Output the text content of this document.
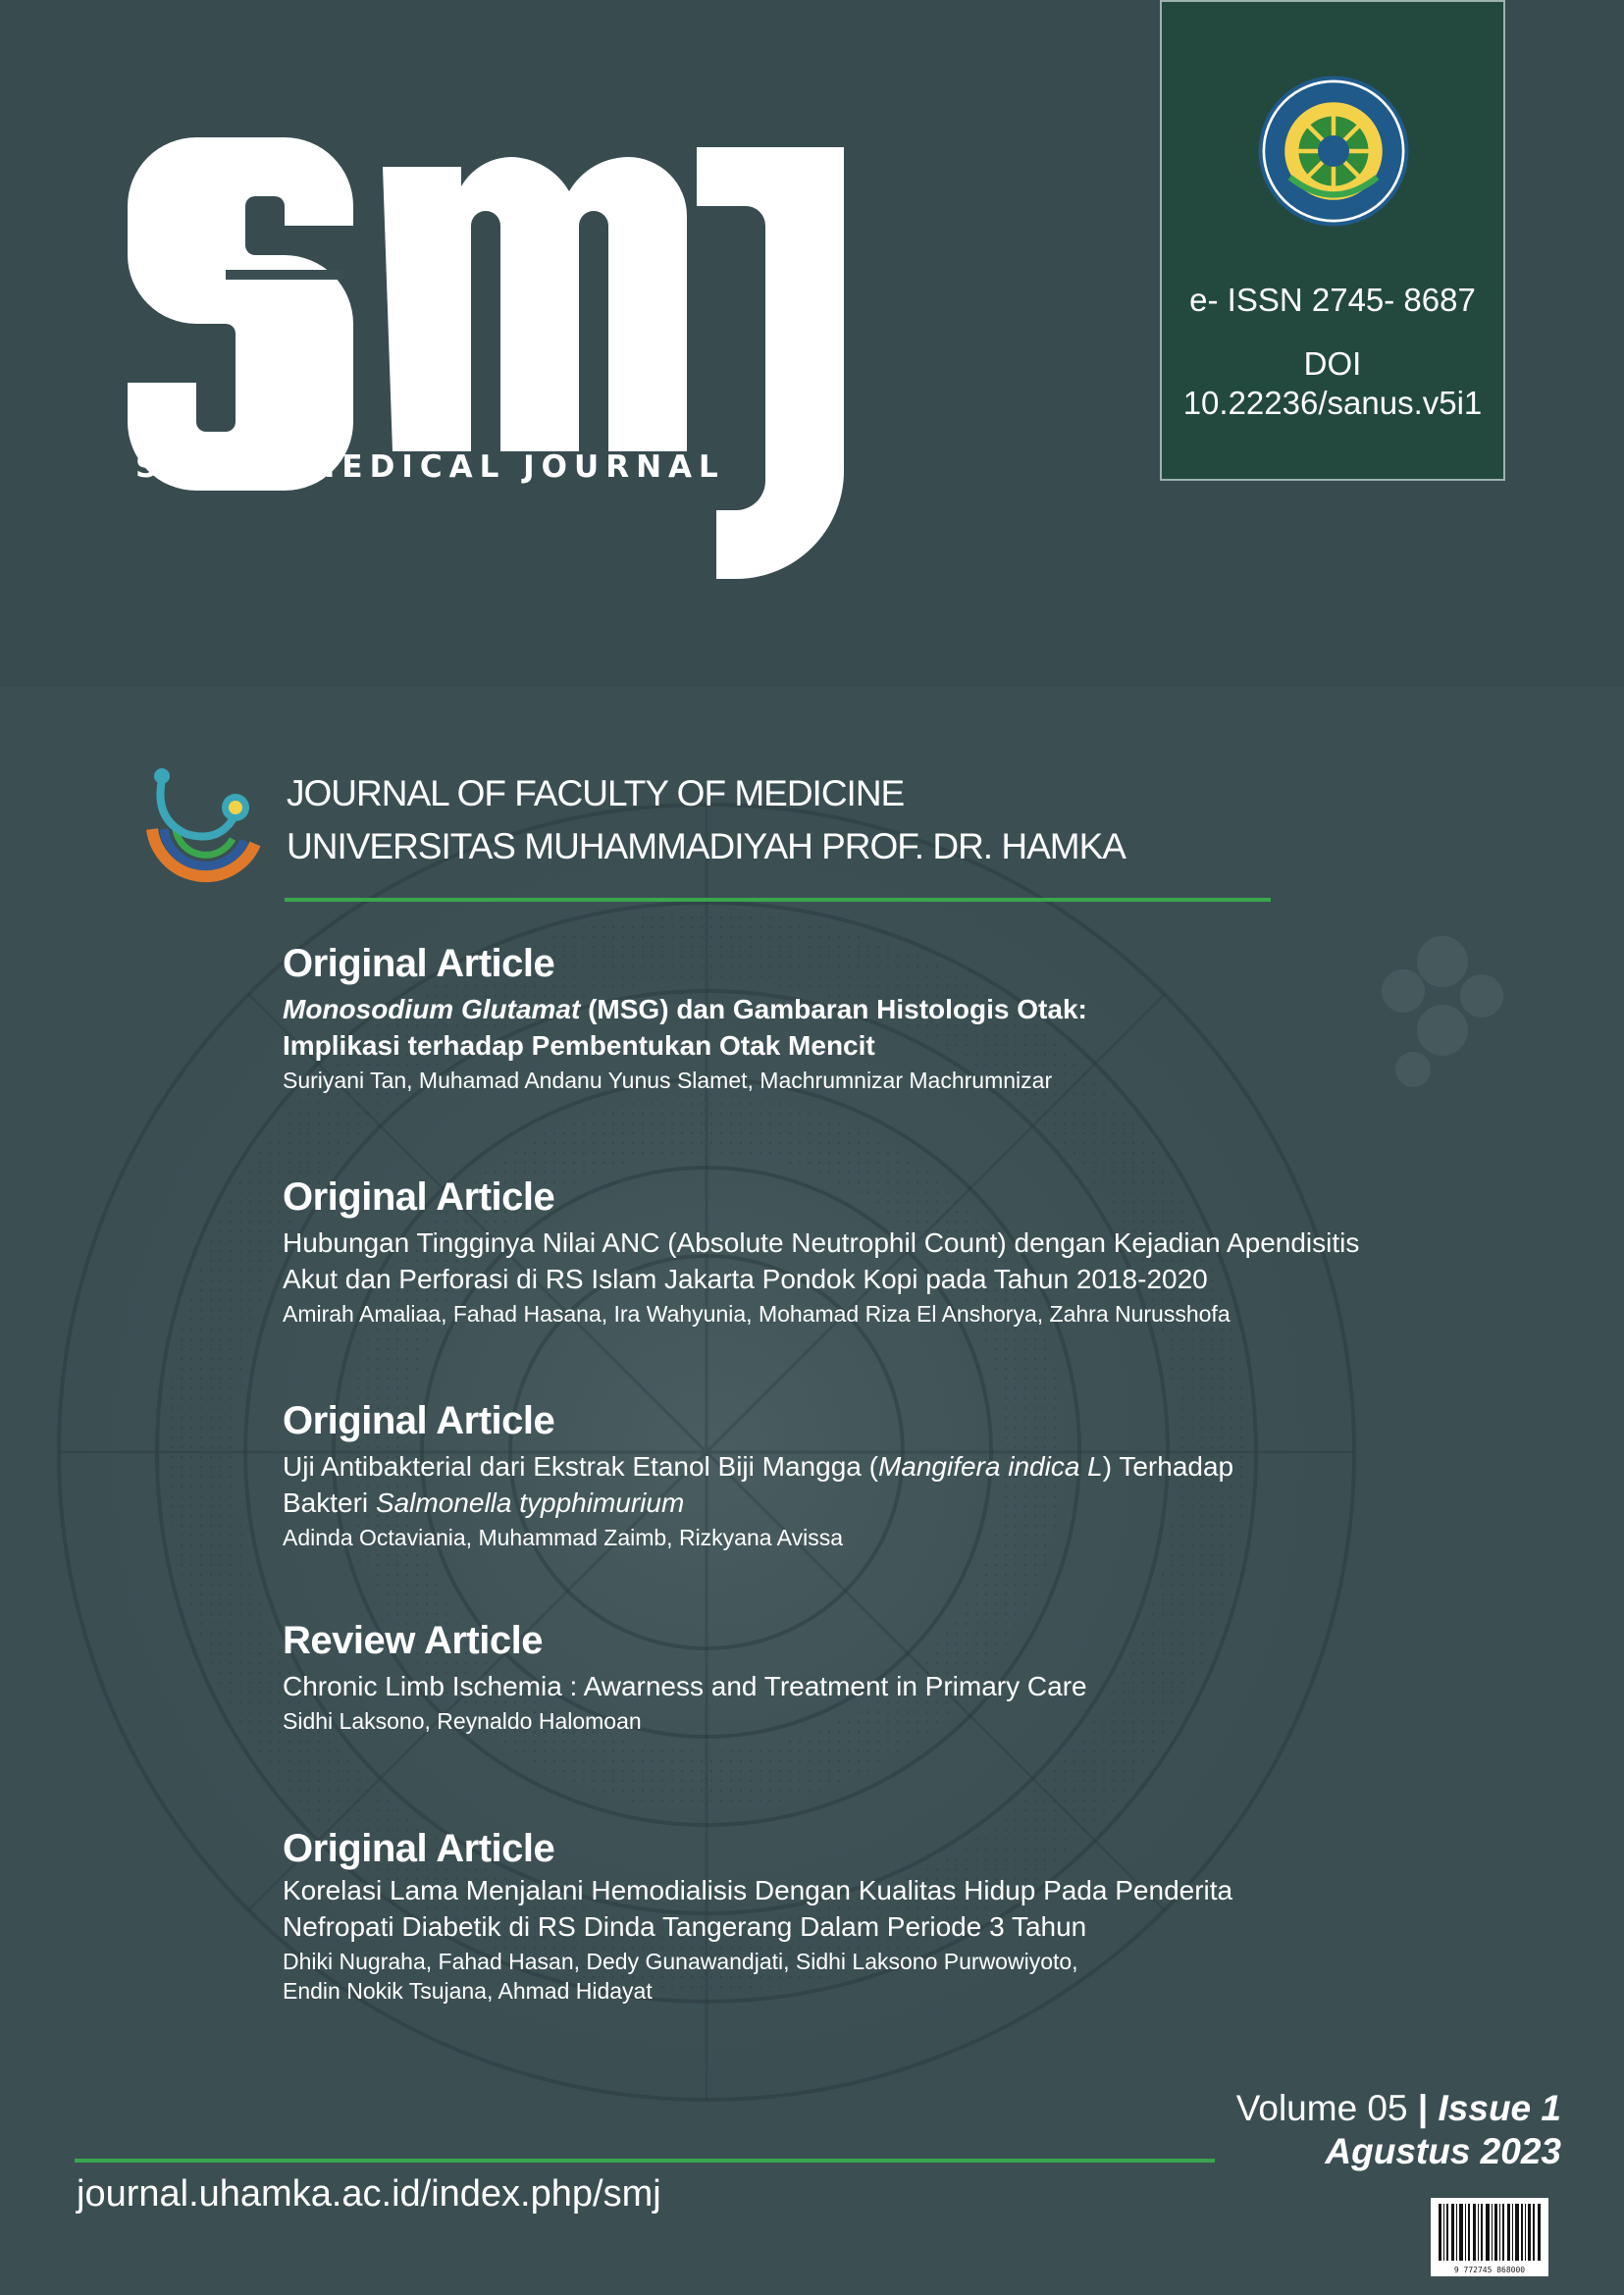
SANUS MEDICAL JOURNAL
e- ISSN 2745- 8687
DOI
10.22236/sanus.v5i1
JOURNAL OF FACULTY OF MEDICINE
UNIVERSITAS MUHAMMADIYAH PROF. DR. HAMKA

Original Article

Monosodium Glutamat (MSG) dan Gambaran Histologis Otak:
Implikasi terhadap Pembentukan Otak Mencit

Suriyani Tan, Muhamad Andanu Yunus Slamet, Machrumnizar Machrumnizar

Original Article

Hubungan Tingginya Nilai ANC (Absolute Neutrophil Count) dengan Kejadian Apendisitis
Akut dan Perforasi di RS Islam Jakarta Pondok Kopi pada Tahun 2018-2020

Amirah Amaliaa, Fahad Hasana, Ira Wahyunia, Mohamad Riza El Anshorya, Zahra Nurusshofa

Original Article

Uji Antibakterial dari Ekstrak Etanol Biji Mangga (Mangifera indica L) Terhadap
Bakteri Salmonella typphimurium

Adinda Octaviania, Muhammad Zaimb, Rizkyana Avissa

Review Article

Chronic Limb Ischemia : Awarness and Treatment in Primary Care

Sidhi Laksono, Reynaldo Halomoan

Original Article

Korelasi Lama Menjalani Hemodialisis Dengan Kualitas Hidup Pada Penderita
Nefropati Diabetik di RS Dinda Tangerang Dalam Periode 3 Tahun

Dhiki Nugraha, Fahad Hasan, Dedy Gunawandjati, Sidhi Laksono Purwowiyoto,
Endin Nokik Tsujana, Ahmad Hidayat

Volume 05 | Issue 1
Agustus 2023
journal.uhamka.ac.id/index.php/smj
9 772745 868000
